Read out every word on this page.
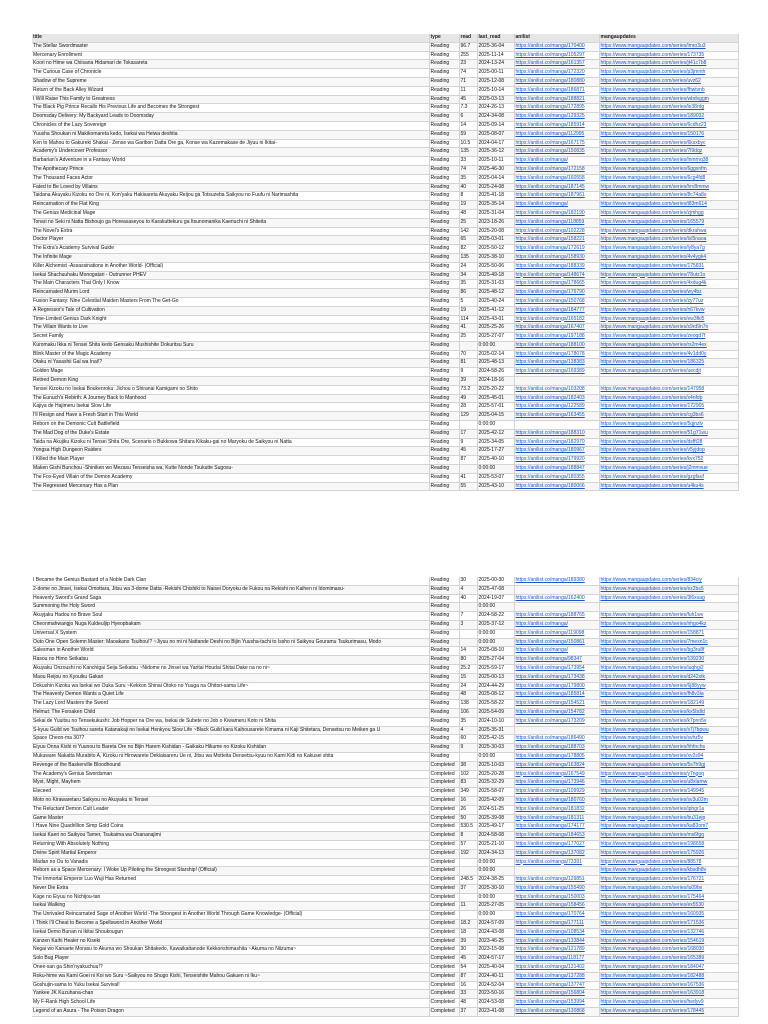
title	type	read	last_read	anilist	mangaupdates
The Stellar Swordmaster	Reading	96.7	2025-36-04	https://anilist.co/manga/170400	https://www.mangaupdates.com/series/lmro3u3
Mercenary Enrollment	Reading	255	2025-11-14	https://anilist.co/manga/105297	https://www.mangaupdates.com/series/173735
Koori no Hime wa Chiisana Hidamari de Tokasareta	Reading	23	2024-13-24	https://anilist.co/manga/161357	https://www.mangaupdates.com/series/jt41c7b8
The Curious Case of Chronicle	Reading	74	2025-00-11	https://anilist.co/manga/172320	https://www.mangaupdates.com/series/p3jmmh
Shadow of the Supreme	Reading	71	2025-12-08	https://anilist.co/manga/180880	https://www.mangaupdates.com/series/uvz62
Return of the Back Alley Wizard	Reading	11	2025-10-14	https://anilist.co/manga/186871	https://www.mangaupdates.com/series/fhwtvnb
I Will Raise This Family to Greatness	Reading	45	2025-03-13	https://anilist.co/manga/188821	https://www.mangaupdates.com/series/wbdxggm
The Black Pig Prince Recalls His Previous Life and Becomes the Strongest	Reading	7.3	2024-26-13	https://anilist.co/manga/172895	https://www.mangaupdates.com/series/le38rdg
Doomsday Delivery: My Backyard Leads to Doomsday	Reading	6	2024-34-08	https://anilist.co/manga/129325	https://www.mangaupdates.com/series/189032
Chronicles of the Lazy Sovereign	Reading	14	2025-09-14	https://anilist.co/manga/185914	https://www.mangaupdates.com/series/6cdhz23
Yuusha Shoukan ni Makikomareta kedo, Isekai wa Heiwa deshita	Reading	59	2025-08-07	https://anilist.co/manga/112995	https://www.mangaupdates.com/series/150176
Ken to Mahou to Gakureki Shakai - Zense wa Garibon Datta Ore ga, Konse wa Kazemakase de Jiyuu ni Ikitai-	Reading	10.5	2024-04-17	https://anilist.co/manga/167175	https://www.mangaupdates.com/series/6ksxbyc
Academy's Undercover Professor	Reading	135	2025-36-12	https://anilist.co/manga/150835	https://www.mangaupdates.com/series/7l9dqz
Barbarian's Adventure in a Fantasy World	Reading	33	2025-10-11	https://anilist.co/manga/	https://www.mangaupdates.com/series/lnmrnq38
The Apothecary Prince	Reading	74	2025-46-30	https://anilist.co/manga/172158	https://www.mangaupdates.com/series/6ggxnfm
The Thousand Faces Actor	Reading	35	2025-04-14	https://anilist.co/manga/160558	https://www.mangaupdates.com/series/6cg4fd8
Fated to Be Loved by Villains	Reading	40	2025-24-08	https://anilist.co/manga/187145	https://www.mangaupdates.com/series/hrv8mmw
Taidana Akuyaku Kizoku no Ore ni, Kon'yaku Hakisareta Akuyaku Reijou ga Totsuzeba Saikyou no Fuufu ni Narimashita	Reading	8	2025-41-18	https://anilist.co/manga/187961	https://www.mangaupdates.com/series/8c74a8s
Reincarnation of the Flat King	Reading	19	2025-35-14	https://anilist.co/manga/	https://www.mangaupdates.com/series/t83m614
The Genius Medicinal Mage	Reading	48	2025-31-04	https://anilist.co/manga/182190	https://www.mangaupdates.com/series/zjmhgg
Tonari no Seki ni Natta Bishoujo ga Horeasaseyou to Karakuttekuru ga Itsunomanika Kaeriuchi ni Shiteita	Reading	25	2023-18-26	https://anilist.co/manga/118859	https://www.mangaupdates.com/series/165579
The Novel's Extra	Reading	142	2025-20-08	https://anilist.co/manga/102228	https://www.mangaupdates.com/series/dkrahwa
Doctor Player	Reading	65	2025-03-01	https://anilist.co/manga/158221	https://www.mangaupdates.com/series/txl5naoa
The Extra's Academy Survival Guide	Reading	82	2025-50-12	https://anilist.co/manga/172619	https://www.mangaupdates.com/series/ly8ya7g
The Infinite Mage	Reading	135	2025-38-10	https://anilist.co/manga/158930	https://www.mangaupdates.com/series/4v4ygk4
Killer Alchemist -Assassinations in Another World- (Official)	Reading	24	2025-50-06	https://anilist.co/manga/188339	https://www.mangaupdates.com/series/175831
Isekai Shachuuhaku Monogatari - Outrunner PHEV	Reading	34	2025-49-18	https://anilist.co/manga/148674	https://www.mangaupdates.com/series/78utz1o
The Main Characters That Only I Know	Reading	35	2025-31-03	https://anilist.co/manga/178665	https://www.mangaupdates.com/series/4xdug4k
Reincarnated Murim Lord	Reading	86	2025-48-12	https://anilist.co/manga/176790	https://www.mangaupdates.com/series/wy4bz
Fusion Fantasy: Nine Celestial Maiden Masters From The Get-Go	Reading	5	2025-40-24	https://anilist.co/manga/150768	https://www.mangaupdates.com/series/zy77uz
A Regressor's Tale of Cultivation	Reading	19	2025-41-12	https://anilist.co/manga/184777	https://www.mangaupdates.com/series/n67kvw
Time-Limited Genius Dark Knight	Reading	114	2025-43-01	https://anilist.co/manga/165182	https://www.mangaupdates.com/series/ew3fkl5
The Villain Wants to Live	Reading	41	2025-25-26	https://anilist.co/manga/167407	https://www.mangaupdates.com/series/s9rd9n7n
Secret Family	Reading	25	2025-27-07	https://anilist.co/manga/197188	https://www.mangaupdates.com/series/zeoqd7f
Kuromaku Ikka ni Tensei Shita kedo Gensaku Mushishite Dokuritsu Suru	Reading		0:00:00	https://anilist.co/manga/188100	https://www.mangaupdates.com/series/rs2m4ex
Blink Master of the Magic Academy	Reading	70	2025-02-14	https://anilist.co/manga/178078	https://www.mangaupdates.com/series/4v1dd0y
Otaku ni Yasashii Gal wa Inai!?	Reading	81	2025-48-13	https://anilist.co/manga/138383	https://www.mangaupdates.com/series/186325
Golden Mage	Reading	9	2024-58-26	https://anilist.co/manga/169389	https://www.mangaupdates.com/series/uecdjt
Retired Demon King	Reading	39	2024-18-16		
Tensei Kizoku no Isekai Boukenroku: Jichou o Shiranai Kamigami no Shito	Reading	73.2	2025-20-22	https://anilist.co/manga/103208	https://www.mangaupdates.com/series/147958
The Eunuch's Rebirth: A Journey Back to Manhood	Reading	49	2025-45-01	https://anilist.co/manga/182403	https://www.mangaupdates.com/series/x4nfdp
Kajiya de Hajimeru Isekai Slow Life	Reading	28	2025-57-01	https://anilist.co/manga/122589	https://www.mangaupdates.com/series/172905
I'll Resign and Have a Fresh Start in This World	Reading	129	2025-04-15	https://anilist.co/manga/163455	https://www.mangaupdates.com/series/cg3bs6
Reborn on the Demonic Cult Battlefield	Reading		0:00:00		https://www.mangaupdates.com/series/5qjnzlv
The Mad Dog of the Duke's Estate	Reading	17	2025-42-12	https://anilist.co/manga/188310	https://www.mangaupdates.com/series/51g71wu
Taida na Akujiku Kizoku ni Tensei Shita Ore, Scenario o Bukkowa Shitara Kikaku-gai no Maryoku de Saikyou ni Natta	Reading	9	2025-34-05	https://anilist.co/manga/182970	https://www.mangaupdates.com/series/dsfft28
Yongsa High Dungeon Raiders	Reading	45	2025-17-27	https://anilist.co/manga/180967	https://www.mangaupdates.com/series/v5yjdop
I Killed the Main Player	Reading	87	2025-40-10	https://anilist.co/manga/179920	https://www.mangaupdates.com/series/kvx752
Maken Gishi Bunchou -Shiniken wo Mezasu Tenseisha wa, Kutte Nonde Tsukutte Sugosu-	Reading		0:00:00	https://anilist.co/manga/188847	https://www.mangaupdates.com/series/j2mmvue
The Fox-Eyed Villain of the Demon Academy	Reading	41	2025-53-07	https://anilist.co/manga/180355	https://www.mangaupdates.com/series/gzgfauf
The Regressed Mercenary Has a Plan	Reading	55	2025-43-10	https://anilist.co/manga/180066	https://www.mangaupdates.com/series/u4ku4s
I Became the Genius Bastard of a Noble Dark Clan	Reading	30	2025-00-30	https://anilist.co/manga/189380	https://www.mangaupdates.com/series/834ciy
2-dome no Jinsei, Isekai Omottara, Jitsu wa 3-dome Datta -Rekishi Chishiki to Naisei Doryoku de Fukou na Rekishi no Kaihen ni Idomimasu-	Reading	4	2025-47-08		https://www.mangaupdates.com/series/ez2bs5
Heavenly Sword's Grand Saga	Reading	40	2024-19-07	https://anilist.co/manga/162400	https://www.mangaupdates.com/series/3l6xsag
Summoning the Holy Sword	Reading		0:00:00		
Akuyjaku Hadou no Brave Soul	Reading	7	2024-58-22	https://anilist.co/manga/188765	https://www.mangaupdates.com/series/fuh1wv
Cheonmahwangjo Nuga Kuldeuljip Hyeopbakam	Reading	3	2025-37-12	https://anilist.co/manga/	https://www.mangaupdates.com/series/nhgo4kz
Universal X System	Reading		0:00:00	https://anilist.co/manga/119098	https://www.mangaupdates.com/series/158871
Outo One Open Solemn Master: Maoakano Tsuihou!? ~Jiyuu no mi ni Nattande Deshi no Bijin Yuusha-tachi to Issho ni Saikyou Gouramu Tsukurimasu, Modo	Reading		0:00:00	https://anilist.co/manga/150861	https://www.mangaupdates.com/series/7mexn1c
Salesman in Another World	Reading	14	2025-08-10	https://anilist.co/manga/	https://www.mangaupdates.com/series/bg3ru8f
Rasou no Himo Seikatsu	Reading	80	2025-27-04	https://anilist.co/manga/98347	https://www.mangaupdates.com/series/139230
Akuyaku Onzoushi no Kanchigai Seija Seikatsu ~Nidome no Jinsei wa Yaritai Houdai Shitai Dake na no ni~	Reading	25.2	2025-59-17	https://anilist.co/manga/173954	https://www.mangaupdates.com/series/iuqhgi2
Maou Reijou no Kyouiku Gakari	Reading	15	2025-00-13	https://anilist.co/manga/173438	https://www.mangaupdates.com/series/d242xtk
Dokushin Kizoku wa Isekai wo Ouka Suru ~Kekkon Shinai Otoko no Yuuga na Ohitori-sama Life~	Reading	24	2024-44-29	https://anilist.co/manga/179800	https://www.mangaupdates.com/series/6j88yyw
The Heavenly Demon Wants a Quiet Life	Reading	48	2025-08-12	https://anilist.co/manga/185814	https://www.mangaupdates.com/series/fh8v3ia
The Lazy Lord Masters the Sword	Reading	138	2025-58-22	https://anilist.co/manga/154521	https://www.mangaupdates.com/series/182149
Helmut: The Forsaken Child	Reading	106	2025-54-09	https://anilist.co/manga/154782	https://www.mangaupdates.com/series/kx5bdld
Sekai de Yuuitsu no Tensekukushi: Job Hopper na Ore wa, Isekai de Subete no Job o Kiwameru Koto ni Shita	Reading	35	2024-10-10	https://anilist.co/manga/173209	https://www.mangaupdates.com/series/k7pnn5v
S-kyuu Guild wo Tsuihou sareta Katanakaji no Isekai Henkyou Slow Life ~Black Guild kara Kaihousarete Kimama ni Kaji Shitetara, Densetsu no Meiken ga U	Reading	4	2025-35-31		https://www.mangaupdates.com/series/s7j7bpwu
Space Cheon-ma 3077	Reading	60	2025-42-15	https://anilist.co/manga/186490	https://www.mangaupdates.com/series/svhz5v
Eiyuu Onna Kishi ni Yuunou to Bareta Ore no Bijin Harem Kishidan - Gaikaku Hikume no Kizoku Kishidan	Reading	9	2025-30-03	https://anilist.co/manga/188703	https://www.mangaupdates.com/series/hhfochs
Mukuware Nakatta Murabito A, Kizoku ni Hirowarete Dekiaisareru Ue ni, Jitsu wa Motteita Densetsu-kyuu no Kami Kidi no Kakusei shita	Reading		0:00:00	https://anilist.co/manga/178805	https://www.mangaupdates.com/series/xv2s94
Revenge of the Baskerville Bloodhound	Completed	38	2025-10-03	https://anilist.co/manga/163824	https://www.mangaupdates.com/series/5s7h9gj
The Academy's Genius Swordsman	Completed	102	2025-20-28	https://anilist.co/manga/167549	https://www.mangaupdates.com/series/y7ngoq
Myst, Might, Mayhem	Completed	83	2025-32-29	https://anilist.co/manga/173946	https://www.mangaupdates.com/series/u8xlamw
Eleceed	Completed	349	2025-58-07	https://anilist.co/manga/109929	https://www.mangaupdates.com/series/149945
Moto no Kirawaretaru Saikyou no Akuyaku ni Tensei	Completed	16	2025-42-09	https://anilist.co/manga/180760	https://www.mangaupdates.com/series/sv3u02m
The Reluctant Demon Cult Leader	Completed	26	2024-51-25	https://anilist.co/manga/181832	https://www.mangaupdates.com/series/iphgr1a
Game Master	Completed	50	2025-39-08	https://anilist.co/manga/181311	https://www.mangaupdates.com/series/bu31ejp
I Have Nine Quadrillion Simp Gold Coins	Completed	530.5	2025-49-17	https://anilist.co/manga/174177	https://www.mangaupdates.com/series/ka83om7
Isekai Kaeri no Saikyou Tamer, Tsukaima wa Osananajimi	Completed	8	2024-58-08	https://anilist.co/manga/184653	https://www.mangaupdates.com/series/ms6fgq
Returning With Absolutely Nothing	Completed	57	2025-21-10	https://anilist.co/manga/177027	https://www.mangaupdates.com/series/198658
Divine Spirit Martial Emperor	Completed	192	2024-34-13	https://anilist.co/manga/137082	https://www.mangaupdates.com/series/175926
Madan no Ou to Vanadis	Completed		0:00:00	https://anilist.co/manga/73391	https://www.mangaupdates.com/series/88578
Reborn as a Space Mercenary: I Woke Up Piloting the Strongest Starship! (Official)	Completed		0:00:00		https://www.mangaupdates.com/series/kbsdh8v
The Immortal Emperor Luo Wuji Has Returned	Completed	248.5	2024-38-25	https://anilist.co/manga/129851	https://www.mangaupdates.com/series/176721
Never Die Extra	Completed	37	2025-30-10	https://anilist.co/manga/155490	https://www.mangaupdates.com/series/iu09bv
Kage no Eiyuu no Nichijou-tan	Completed		0:00:00	https://anilist.co/manga/150003	https://www.mangaupdates.com/series/175464
Isekai Walking	Completed	11	2025-27-05	https://anilist.co/manga/158456	https://www.mangaupdates.com/series/ex5530
The Unrivaled Reincarnated Sage of Another World -The Strongest in Another World Through Game Knowledge- (Official)	Completed		0:00:00	https://anilist.co/manga/170764	https://www.mangaupdates.com/series/160935
I Think I'll Cheat to Become a Spellsword in Another World	Completed	18.2	2024-57-09	https://anilist.co/manga/177111	https://www.mangaupdates.com/series/171536
Isekai Demo Bunan ni Ikitai Shoukougun	Completed	18	2024-43-08	https://anilist.co/manga/108534	https://www.mangaupdates.com/series/132746
Kanzen Kaihi Healer no Kiseki	Completed	39	2023-46-25	https://anilist.co/manga/133844	https://www.mangaupdates.com/series/154619
Negai wo Kanaete Morasu to Akuma wo Shoukan Shitakedo, Kawaikattanode Kekkonshimashita ~Akuma no Niizuma~	Completed	30	2023-15-08	https://anilist.co/manga/121789	https://www.mangaupdates.com/series/168030
Solo Bug Player	Completed	45	2024-57-17	https://anilist.co/manga/118177	https://www.mangaupdates.com/series/165389
Onee-san ga Shin'nyakuchuu!?	Completed	54	2025-40-04	https://anilist.co/manga/131402	https://www.mangaupdates.com/series/184047
Roku-hime wa Kami Goei ni Koi wo Suru ~Saikyou no Shugo Kishi, Tenseishite Mahou Gakuen ni Iku~	Completed	87	2024-40-11	https://anilist.co/manga/137288	https://www.mangaupdates.com/series/182488
Goshujin-sama to Yuku Isekai Survival!	Completed	16	2024-52-04	https://anilist.co/manga/137747	https://www.mangaupdates.com/series/167536
Yankee JK Kuzuhana-chan	Completed	33	2023-50-16	https://anilist.co/manga/156804	https://www.mangaupdates.com/series/163918
My F-Rank High School Life	Completed	48	2024-53-08	https://anilist.co/manga/153994	https://www.mangaupdates.com/series/hedyv9
Legend of an Asura - The Poison Dragon	Completed	37	2023-41-08	https://anilist.co/manga/130868	https://www.mangaupdates.com/series/178445
